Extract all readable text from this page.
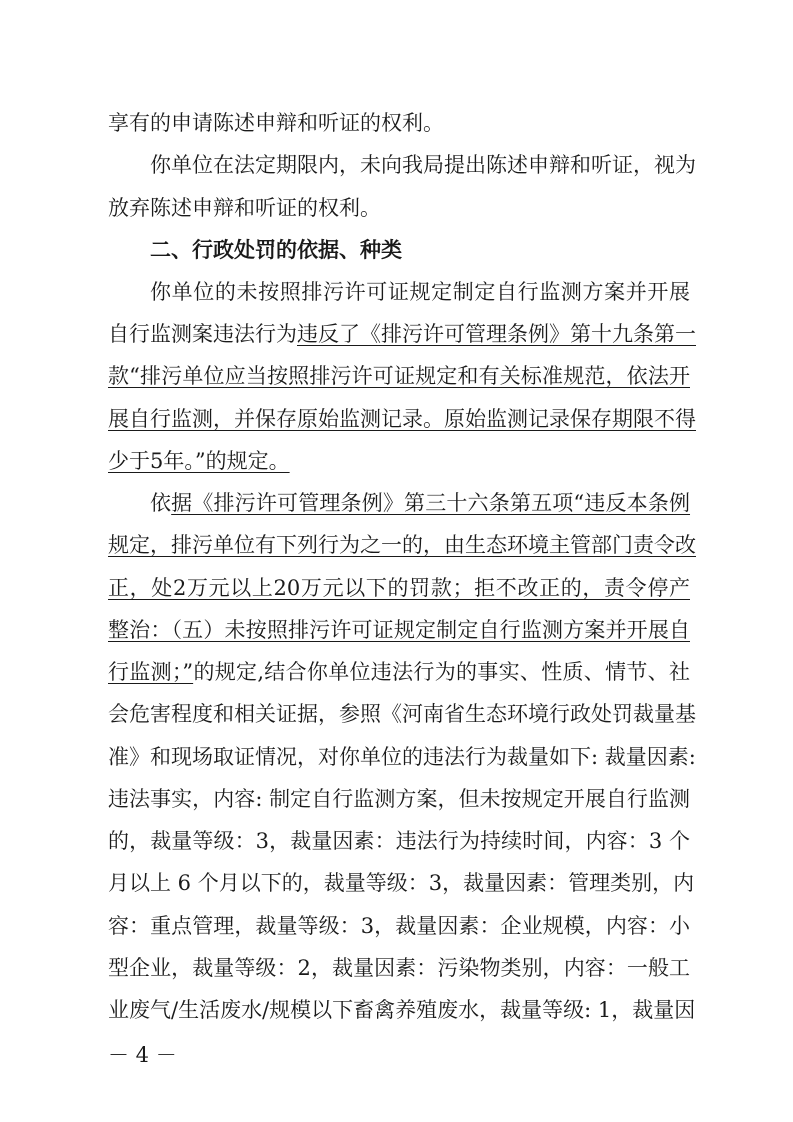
享有的申请陈述申辩和听证的权利。
你单位在法定期限内，未向我局提出陈述申辩和听证，视为
放弃陈述申辩和听证的权利。
二、行政处罚的依据、种类
你单位的未按照排污许可证规定制定自行监测方案并开展
自行监测案违法行为违反了《排污许可管理条例》第十九条第一
款“排污单位应当按照排污许可证规定和有关标准规范，依法开
展自行监测，并保存原始监测记录。原始监测记录保存期限不得
少于5年。”的规定。
依据《排污许可管理条例》第三十六条第五项“违反本条例
规定，排污单位有下列行为之一的，由生态环境主管部门责令改
正，处2万元以上20万元以下的罚款；拒不改正的，责令停产
整治：（五）未按照排污许可证规定制定自行监测方案并开展自
行监测；”的规定,结合你单位违法行为的事实、性质、情节、社
会危害程度和相关证据，参照《河南省生态环境行政处罚裁量基
准》和现场取证情况，对你单位的违法行为裁量如下: 裁量因素:
违法事实，内容: 制定自行监测方案，但未按规定开展自行监测
的，裁量等级：3，裁量因素：违法行为持续时间，内容：3 个
月以上 6 个月以下的，裁量等级：3，裁量因素：管理类别，内
容：重点管理，裁量等级：3，裁量因素：企业规模，内容：小
型企业，裁量等级：2，裁量因素：污染物类别，内容：一般工
业废气/生活废水/规模以下畜禽养殖废水，裁量等级: 1，裁量因
－ 4 －
